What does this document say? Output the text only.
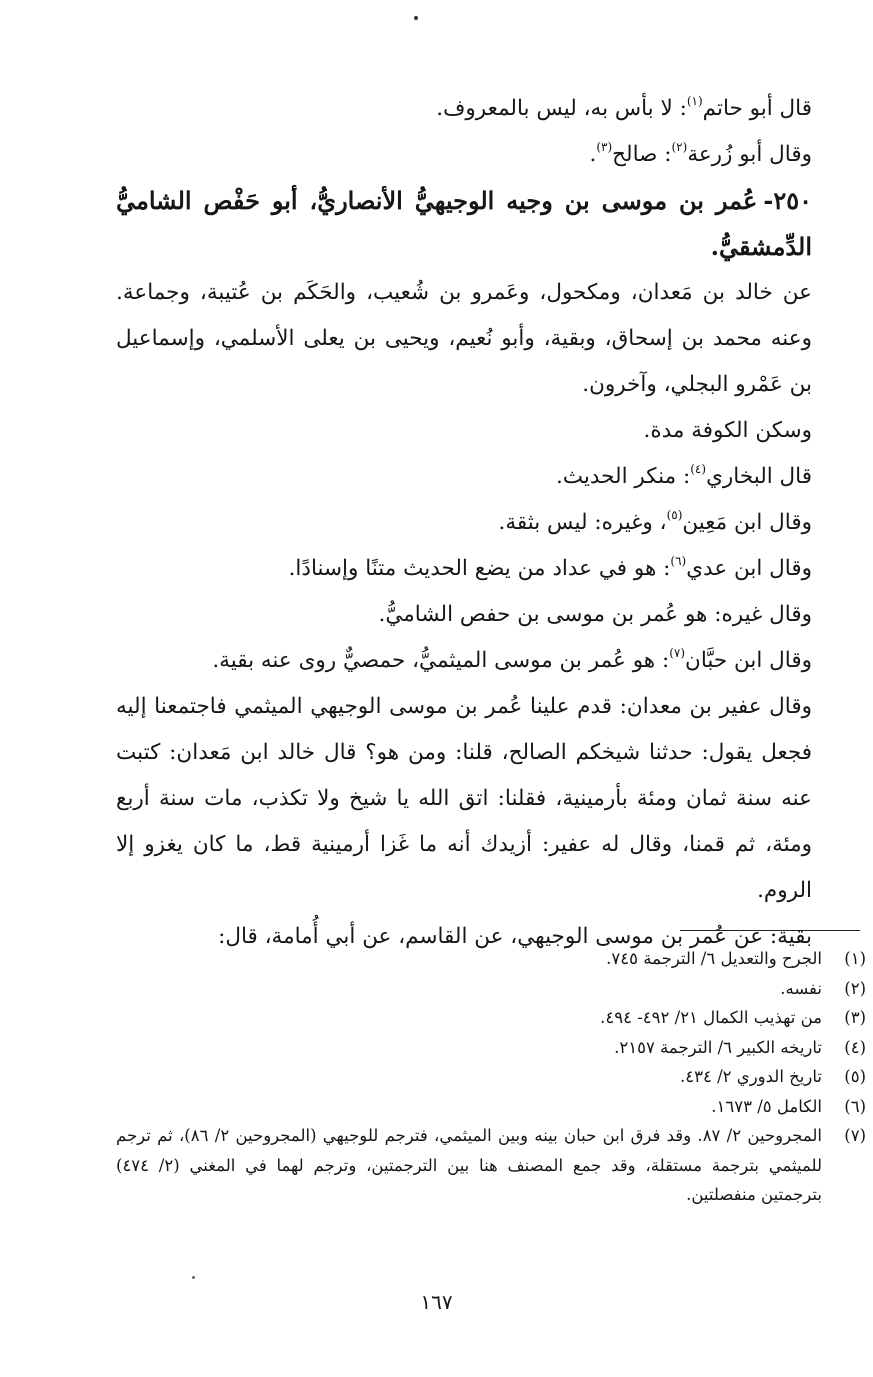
قال أبو حاتم$^{(١)}$: لا بأس به، ليس بالمعروف.

وقال أبو زُرعة$^{(٢)}$: صالح$^{(٣)}$.

٢٥٠-عُمر بن موسى بن وجيه الوجيهيُّ الأنصاريُّ، أبو حَفْص الشاميُّ الدِّمشقيُّ.

عن خالد بن مَعدان، ومكحول، وعَمرو بن شُعيب، والحَكَم بن عُتيبة، وجماعة. وعنه محمد بن إسحاق، وبقية، وأبو نُعيم، ويحيى بن يعلى الأسلمي، وإسماعيل بن عَمْرو البجلي، وآخرون.

وسكن الكوفة مدة.

قال البخاري$^{(٤)}$: منكر الحديث.

وقال ابن مَعِين$^{(٥)}$، وغيره: ليس بثقة.

وقال ابن عدي$^{(٦)}$: هو في عداد من يضع الحديث متنًا وإسنادًا.

وقال غيره: هو عُمر بن موسى بن حفص الشاميُّ.

وقال ابن حبَّان$^{(٧)}$: هو عُمر بن موسى الميثميُّ، حمصيٌّ روى عنه بقية.

وقال عفير بن معدان: قدم علينا عُمر بن موسى الوجيهي الميثمي فاجتمعنا إليه فجعل يقول: حدثنا شيخكم الصالح، قلنا: ومن هو؟ قال خالد ابن مَعدان: كتبت عنه سنة ثمان ومئة بأرمينية، فقلنا: اتق الله يا شيخ ولا تكذب، مات سنة أربع ومئة، ثم قمنا، وقال له عفير: أزيدك أنه ما غَزا أرمينية قط، ما كان يغزو إلا الروم.

بقية: عن عُمر بن موسى الوجيهي، عن القاسم، عن أبي أُمامة، قال:

(١)
الجرح والتعديل ٦/ الترجمة ٧٤٥.
(٢)
نفسه.
(٣)
من تهذيب الكمال ٢١/ ٤٩٢- ٤٩٤.
(٤)
تاريخه الكبير ٦/ الترجمة ٢١٥٧.
(٥)
تاريخ الدوري ٢/ ٤٣٤.
(٦)
الكامل ٥/ ١٦٧٣.
(٧)
المجروحين ٢/ ٨٧. وقد فرق ابن حبان بينه وبين الميثمي، فترجم للوجيهي (المجروحين ٢/ ٨٦)، ثم ترجم للميثمي بترجمة مستقلة، وقد جمع المصنف هنا بين الترجمتين، وترجم لهما في المغني (٢/ ٤٧٤) بترجمتين منفصلتين.
١٦٧
